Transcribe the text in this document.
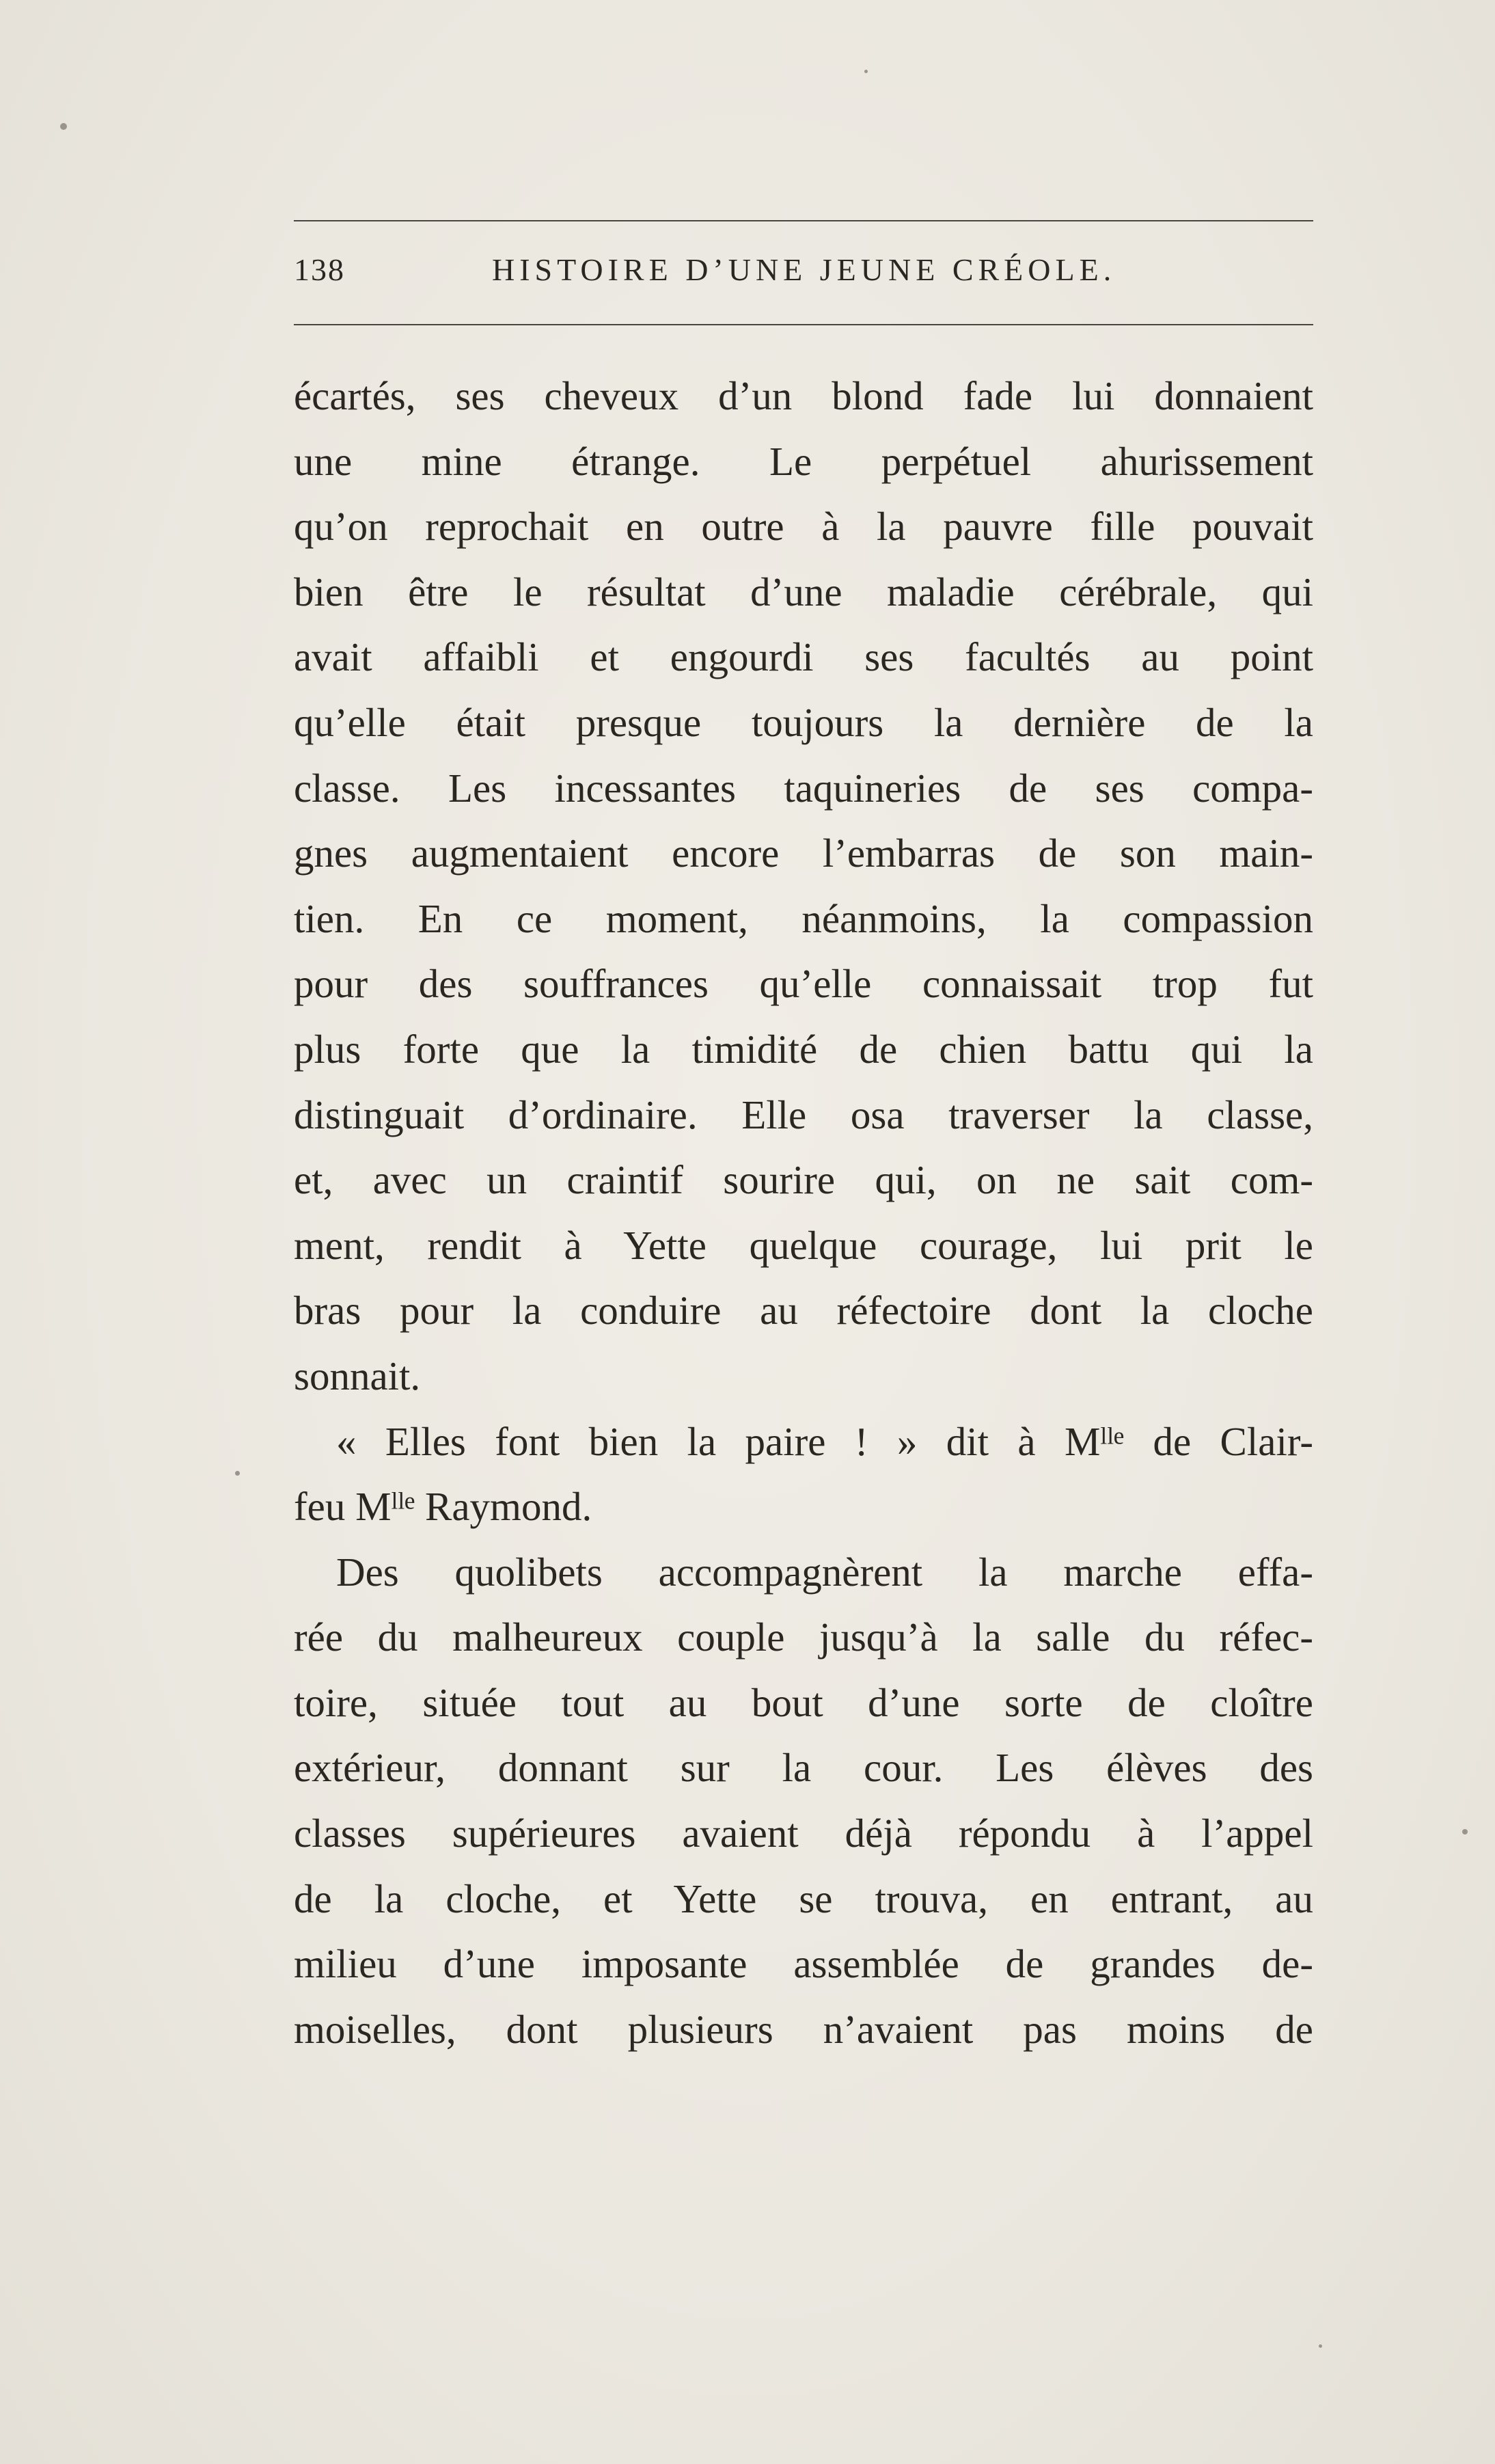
138	HISTOIRE D’UNE JEUNE CRÉOLE.
écartés, ses cheveux d’un blond fade lui donnaient
une mine étrange. Le perpétuel ahurissement
qu’on reprochait en outre à la pauvre fille pouvait
bien être le résultat d’une maladie cérébrale, qui
avait affaibli et engourdi ses facultés au point
qu’elle était presque toujours la dernière de la
classe. Les incessantes taquineries de ses compa-
gnes augmentaient encore l’embarras de son main-
tien. En ce moment, néanmoins, la compassion
pour des souffrances qu’elle connaissait trop fut
plus forte que la timidité de chien battu qui la
distinguait d’ordinaire. Elle osa traverser la classe,
et, avec un craintif sourire qui, on ne sait com-
ment, rendit à Yette quelque courage, lui prit le
bras pour la conduire au réfectoire dont la cloche
sonnait.
« Elles font bien la paire ! » dit à Mˡˡᵉ de Clair-
feu Mˡˡᵉ Raymond.
Des quolibets accompagnèrent la marche effa-
rée du malheureux couple jusqu’à la salle du réfec-
toire, située tout au bout d’une sorte de cloître
extérieur, donnant sur la cour. Les élèves des
classes supérieures avaient déjà répondu à l’appel
de la cloche, et Yette se trouva, en entrant, au
milieu d’une imposante assemblée de grandes de-
moiselles, dont plusieurs n’avaient pas moins de
